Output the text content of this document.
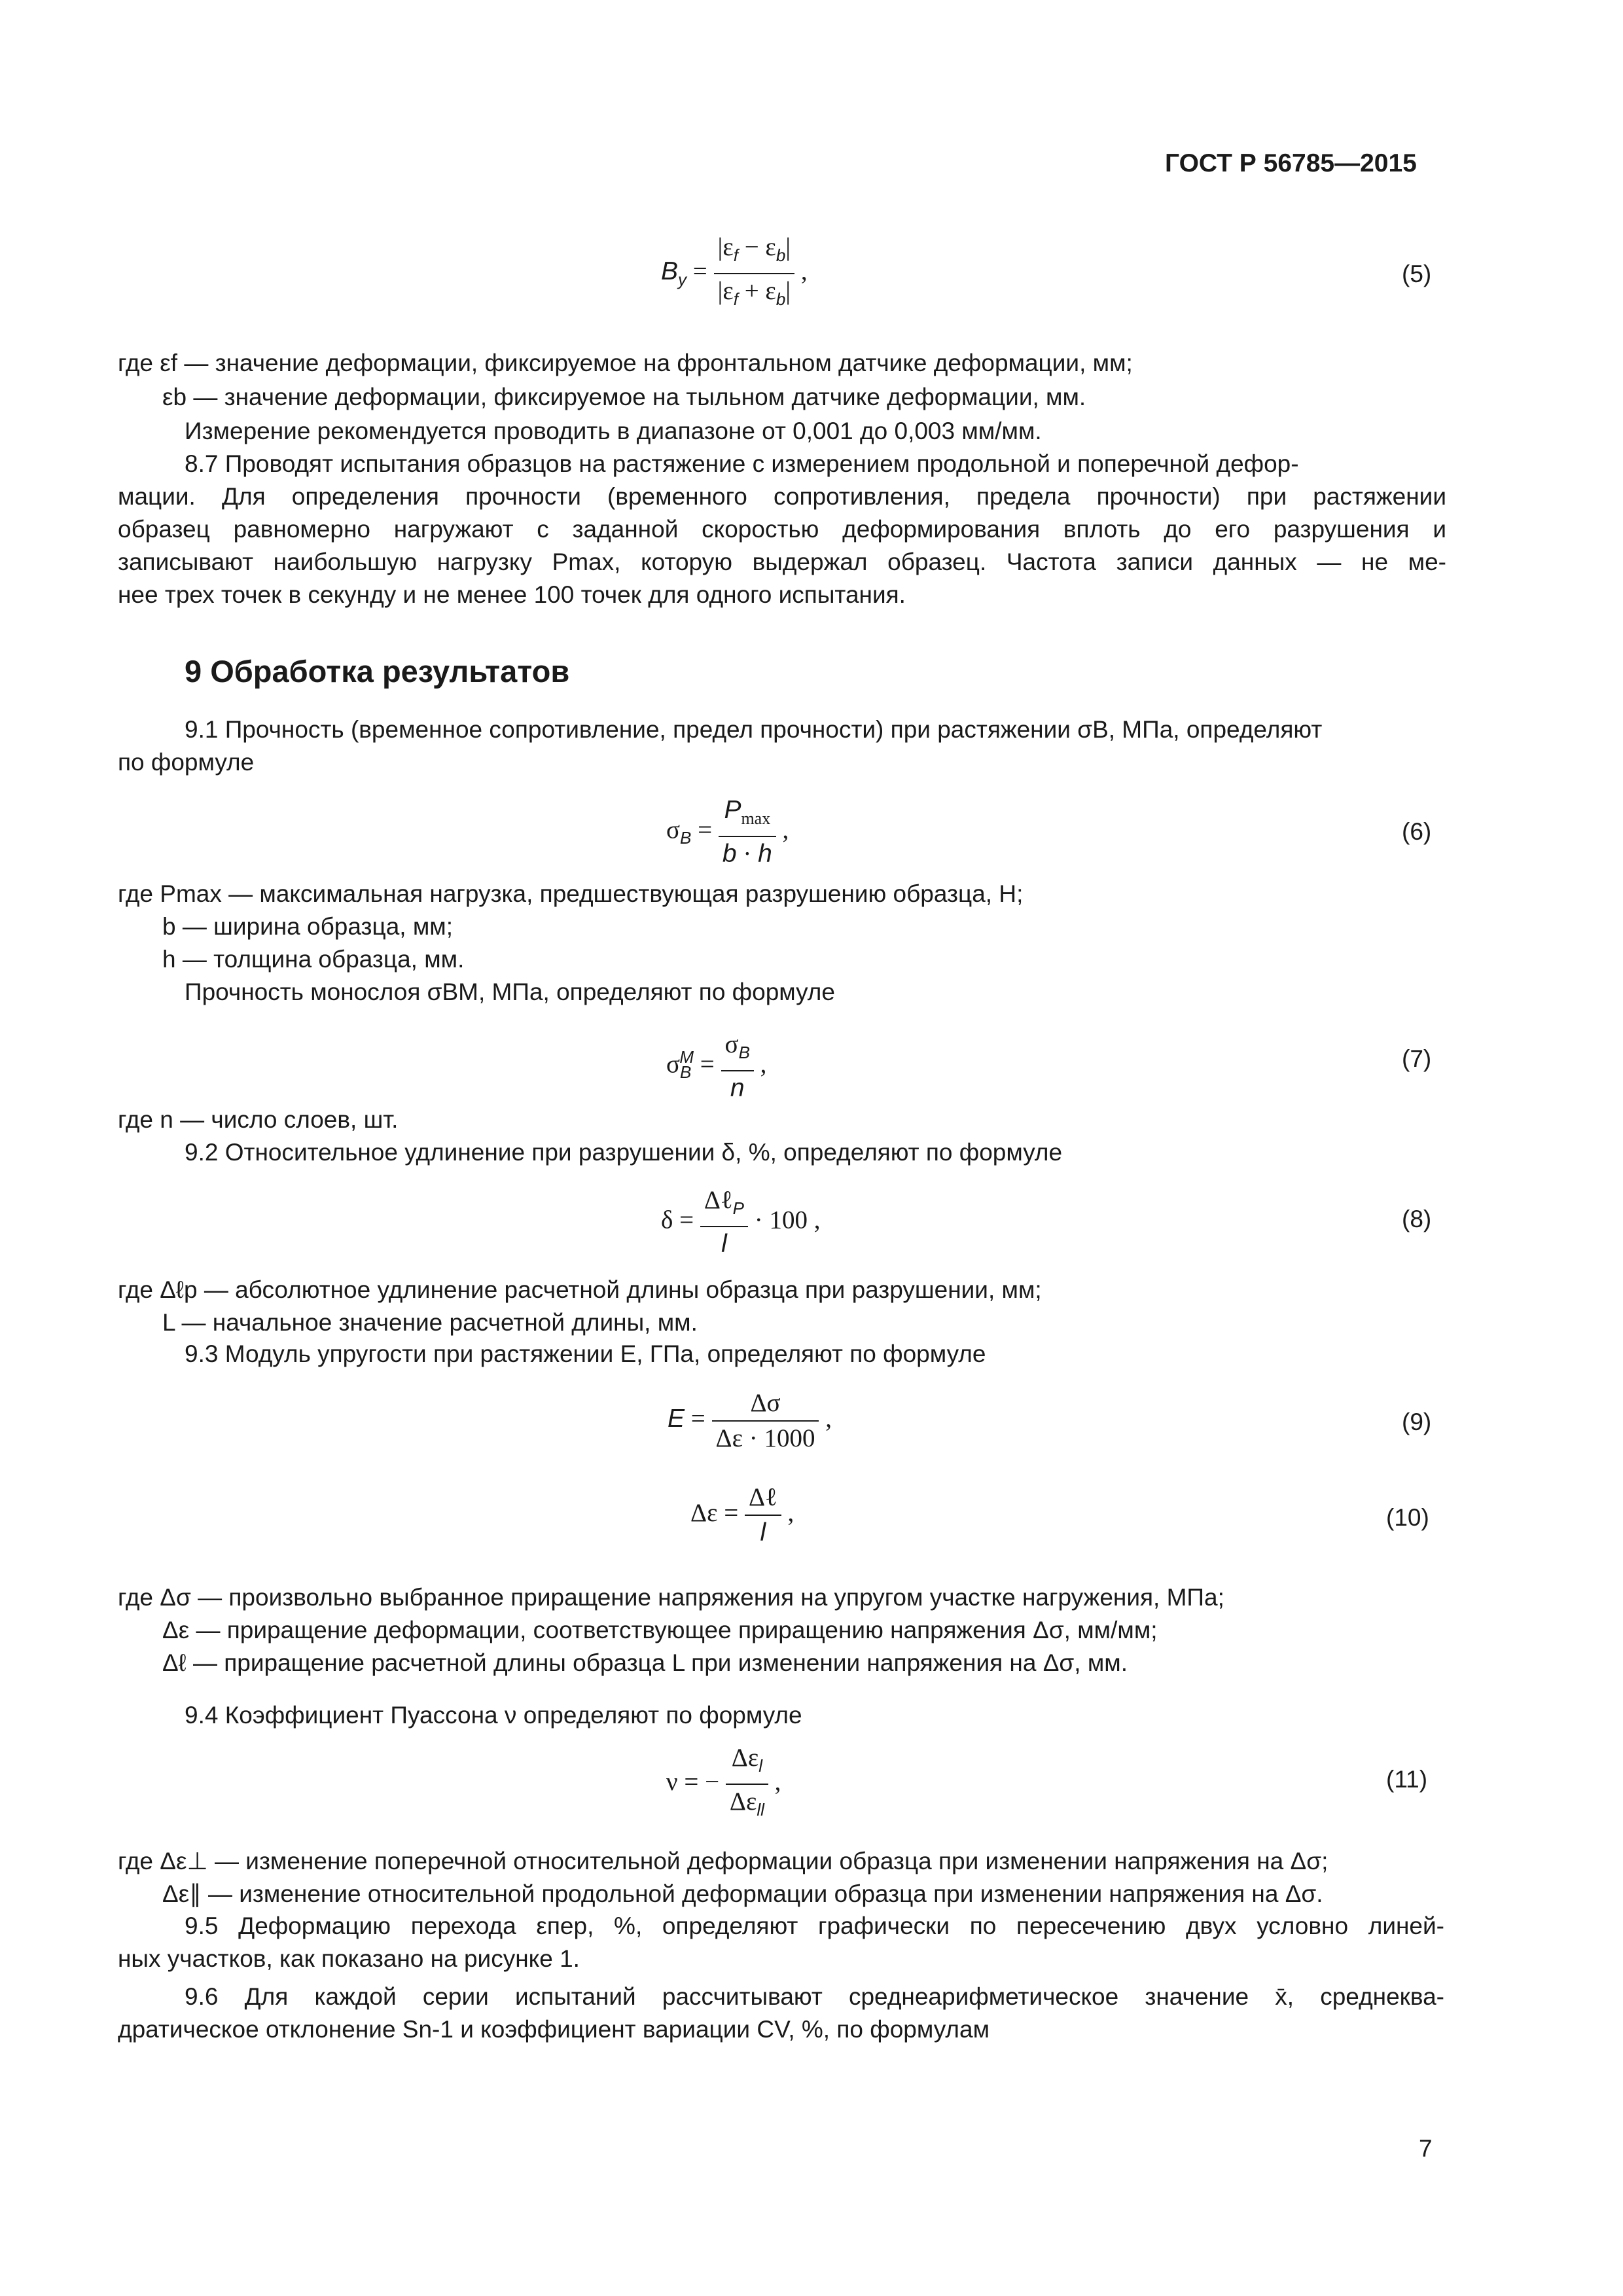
ГОСТ Р 56785—2015
$B_y = \frac{|\varepsilon_f - \varepsilon_b|}{|\varepsilon_f + \varepsilon_b|}$ ,	(5)
где εf — значение деформации, фиксируемое на фронтальном датчике деформации, мм;
εb — значение деформации, фиксируемое на тыльном датчике деформации, мм.
Измерение рекомендуется проводить в диапазоне от 0,001 до 0,003 мм/мм.
8.7 Проводят испытания образцов на растяжение с измерением продольной и поперечной дефор-
мации. Для определения прочности (временного сопротивления, предела прочности) при растяжении
образец равномерно нагружают с заданной скоростью деформирования вплоть до его разрушения и
записывают наибольшую нагрузку Pmax, которую выдержал образец. Частота записи данных — не ме-
нее трех точек в секунду и не менее 100 точек для одного испытания.
9 Обработка результатов
9.1 Прочность (временное сопротивление, предел прочности) при растяжении σB, МПа, определяют
по формуле
$\sigma_B = \frac{P_{max}}{b \cdot h}$ ,	(6)
где Pmax — максимальная нагрузка, предшествующая разрушению образца, Н;
b — ширина образца, мм;
h — толщина образца, мм.
Прочность монослоя σBM, МПа, определяют по формуле
$\sigma_B^M = \frac{\sigma_B}{n}$ ,	(7)
где n — число слоев, шт.
9.2 Относительное удлинение при разрушении δ, %, определяют по формуле
$\delta = \frac{\Delta\ell_P}{l} \cdot 100$ ,	(8)
где Δℓp — абсолютное удлинение расчетной длины образца при разрушении, мм;
L — начальное значение расчетной длины, мм.
9.3 Модуль упругости при растяжении E, ГПа, определяют по формуле
$E = \frac{\Delta\sigma}{\Delta\varepsilon \cdot 1000}$ ,	(9)
$\Delta\varepsilon = \frac{\text{Δℓ}}{l}$ ,	(10)
где Δσ — произвольно выбранное приращение напряжения на упругом участке нагружения, МПа;
Δε — приращение деформации, соответствующее приращению напряжения Δσ, мм/мм;
Δℓ — приращение расчетной длины образца L при изменении напряжения на Δσ, мм.
9.4 Коэффициент Пуассона ν определяют по формуле
ν = − $\frac{\Delta\varepsilon_l}{\Delta\varepsilon_{ll}}$ ,	(11)
где Δε⊥ — изменение поперечной относительной деформации образца при изменении напряжения на Δσ;
Δε∥ — изменение относительной продольной деформации образца при изменении напряжения на Δσ.
9.5 Деформацию перехода εпер, %, определяют графически по пересечению двух условно линей-
ных участков, как показано на рисунке 1.
9.6 Для каждой серии испытаний рассчитывают среднеарифметическое значение x̄, среднеква-
дратическое отклонение Sn-1 и коэффициент вариации CV, %, по формулам
7
